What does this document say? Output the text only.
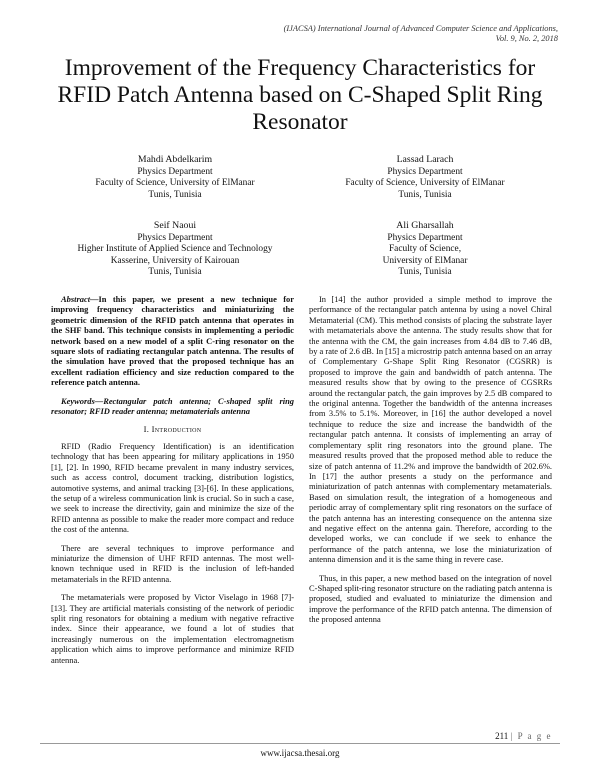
(IJACSA) International Journal of Advanced Computer Science and Applications,
Vol. 9, No. 2, 2018
Improvement of the Frequency Characteristics for
RFID Patch Antenna based on C-Shaped Split Ring
Resonator
Mahdi Abdelkarim
Physics Department
Faculty of Science, University of ElManar
Tunis, Tunisia
Lassad Larach
Physics Department
Faculty of Science, University of ElManar
Tunis, Tunisia
Seif Naoui
Physics Department
Higher Institute of Applied Science and Technology
Kasserine, University of Kairouan
Tunis, Tunisia
Ali Gharsallah
Physics Department
Faculty of Science,
University of ElManar
Tunis, Tunisia

Abstract—In this paper, we present a new technique for improving frequency characteristics and miniaturizing the geometric dimension of the RFID patch antenna that operates in the SHF band. This technique consists in implementing a periodic network based on a new model of a split C-ring resonator on the square slots of radiating rectangular patch antenna. The results of the simulation have proved that the proposed technique has an excellent radiation efficiency and size reduction compared to the reference patch antenna.

Keywords—Rectangular patch antenna; C-shaped split ring resonator; RFID reader antenna; metamaterials antenna

I. Introduction

RFID (Radio Frequency Identification) is an identification technology that has been appearing for military applications in 1950 [1], [2]. In 1990, RFID became prevalent in many industry services, such as access control, document tracking, distribution logistics, automotive systems, and animal tracking [3]-[6]. In these applications, the setup of a wireless communication link is crucial. So in such a case, we seek to increase the directivity, gain and minimize the size of the RFID antenna as possible to make the reader more compact and reduce the cost of the antenna.

There are several techniques to improve performance and miniaturize the dimension of UHF RFID antennas. The most well-known technique used in RFID is the inclusion of left-handed metamaterials in the RFID antenna.

The metamaterials were proposed by Victor Viselago in 1968 [7]-[13]. They are artificial materials consisting of the network of periodic split ring resonators for obtaining a medium with negative refractive index. Since their appearance, we found a lot of studies that increasingly numerous on the implementation electromagnetism application which aims to improve performance and minimize RFID antenna.

In [14] the author provided a simple method to improve the performance of the rectangular patch antenna by using a novel Chiral Metamaterial (CM). This method consists of placing the substrate layer with metamaterials above the antenna. The study results show that for the antenna with the CM, the gain increases from 4.84 dB to 7.46 dB, by a rate of 2.6 dB. In [15] a microstrip patch antenna based on an array of Complementary G-Shape Split Ring Resonator (CGSRR) is proposed to improve the gain and bandwidth of patch antenna. The measured results show that by owing to the presence of CGSRRs around the rectangular patch, the gain improves by 2.5 dB compared to the original antenna. Together the bandwidth of the antenna increases from 3.5% to 5.1%. Moreover, in [16] the author developed a novel technique to reduce the size and increase the bandwidth of the rectangular patch antenna. It consists of implementing an array of complementary split ring resonators into the ground plane. The measured results proved that the proposed method able to reduce the size of patch antenna of 11.2% and improve the bandwidth of 202.6%. In [17] the author presents a study on the performance and miniaturization of patch antennas with complementary metamaterials. Based on simulation result, the integration of a homogeneous and periodic array of complementary split ring resonators on the surface of the patch antenna has an interesting consequence on the antenna size and negative effect on the antenna gain. Therefore, according to the developed works, we can conclude if we seek to enhance the performance of the patch antenna, we lose the miniaturization of antenna dimension and it is the same thing in revere case.

Thus, in this paper, a new method based on the integration of novel C-Shaped split-ring resonator structure on the radiating patch antenna is proposed, studied and evaluated to miniaturize the dimension and improve the performance of the RFID patch antenna. The dimension of the proposed antenna

211 | P a g e
www.ijacsa.thesai.org
